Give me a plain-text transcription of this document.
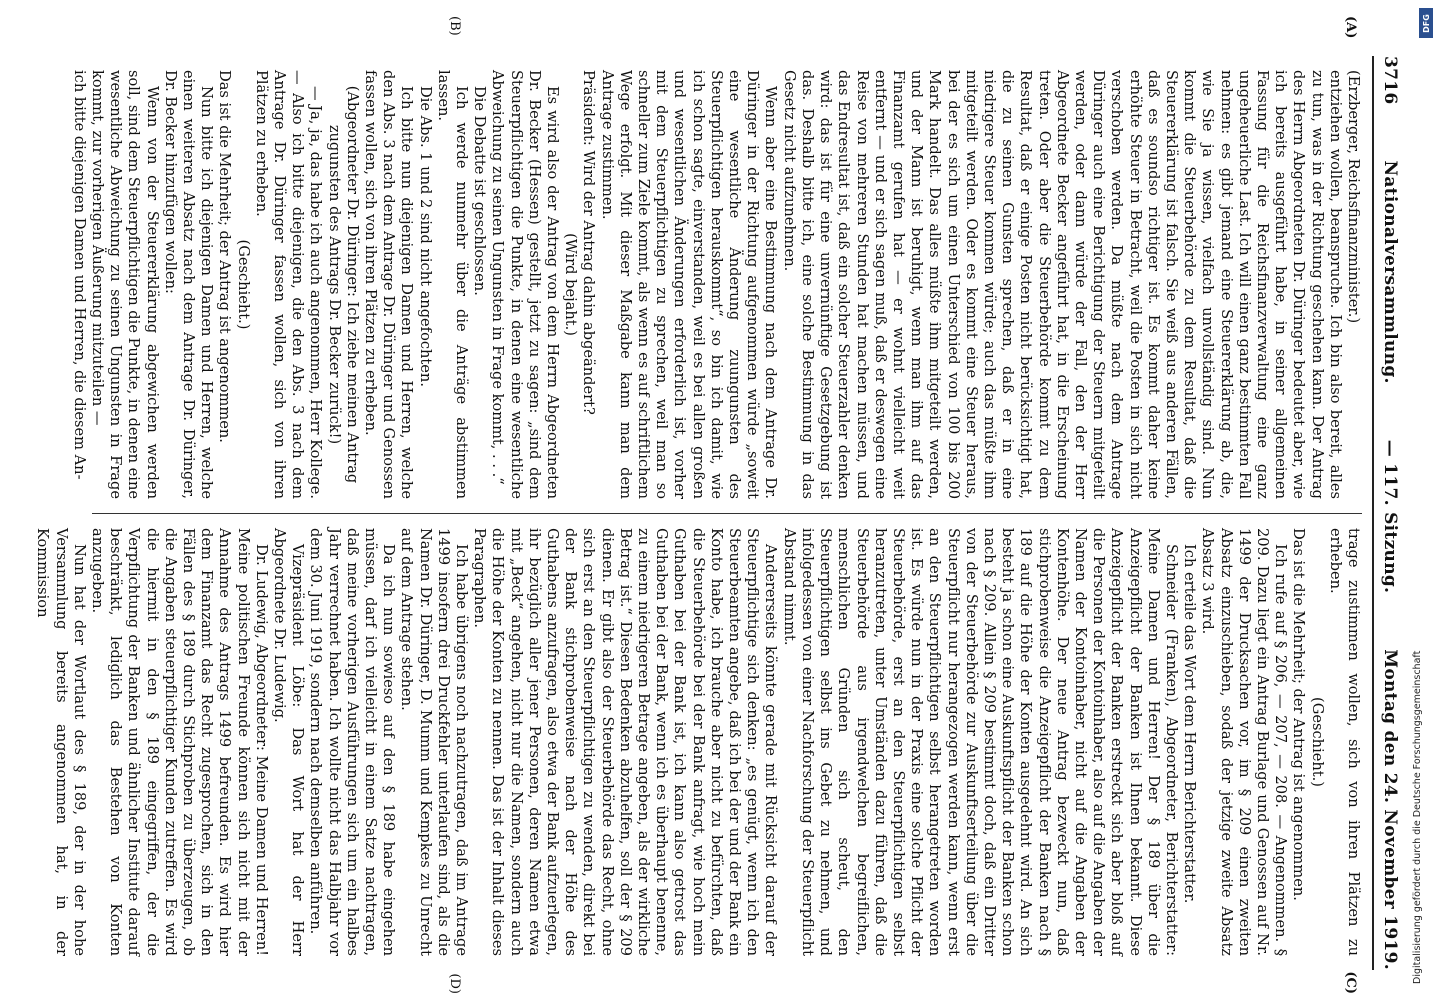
3716
Nationalversammlung.
— 117. Sitzung.
Montag den 24. November 1919.
(A)
(B)
(C)
(D)

(Erzberger, Reichsfinanzminister.)

entziehen wollen, beanspruche. Ich bin also bereit, alles zu tun, was in der Richtung geschehen kann. Der Antrag des Herrn Abgeordneten Dr. Düringer bedeutet aber, wie ich bereits ausgeführt habe, in seiner allgemeinen Fassung für die Reichsfinanzverwaltung eine ganz ungeheuerliche Last. Ich will einen ganz bestimmten Fall nehmen: es gibt jemand eine Steuererklärung ab, die, wie Sie ja wissen, vielfach unvollständig sind. Nun kommt die Steuerbehörde zu dem Resultat, daß die Steuererklärung ist falsch. Sie weiß aus anderen Fällen, daß es soundso richtiger ist. Es kommt daher keine erhöhte Steuer in Betracht, weil die Posten in sich nicht verschoben werden. Da müßte nach dem Antrage Düringer auch eine Berichtigung der Steuern mitgeteilt werden, oder dann würde der Fall, den der Herr Abgeordnete Becker angeführt hat, in die Erscheinung treten. Oder aber die Steuerbehörde kommt zu dem Resultat, daß er einige Posten nicht berücksichtigt hat, die zu seinen Gunsten sprechen, daß er in eine niedrigere Steuer kommen würde; auch das müßte ihm mitgeteilt werden. Oder es kommt eine Steuer heraus, bei der es sich um einen Unterschied von 100 bis 200 Mark handelt. Das alles müßte ihm mitgeteilt werden, und der Mann ist beruhigt, wenn man ihm auf das Finanzamt gerufen hat — er wohnt vielleicht weit entfernt — und er sich sagen muß, daß er deswegen eine Reise von mehreren Stunden hat machen müssen, und das Endresultat ist, daß ein solcher Steuerzahler denken wird: das ist für eine unvernünftige Gesetzgebung ist das. Deshalb bitte ich, eine solche Bestimmung in das Gesetz nicht aufzunehmen.

Wenn aber eine Bestimmung nach dem Antrage Dr. Düringer in der Richtung aufgenommen würde „soweit eine wesentliche Änderung zuungunsten des Steuerpflichtigen herauskommt“, so bin ich damit, wie ich schon sagte, einverstanden, weil es bei allen großen und wesentlichen Änderungen erforderlich ist, vorher mit dem Steuerpflichtigen zu sprechen, weil man so schneller zum Ziele kommt, als wenn es auf schriftlichem Wege erfolgt. Mit dieser Maßgabe kann man dem Antrage zustimmen.

Präsident: Wird der Antrag dahin abgeändert?

(Wird bejaht.)

Es wird also der Antrag von dem Herrn Abgeordneten Dr. Becker (Hessen) gestellt, jetzt zu sagen: „sind dem Steuerpflichtigen die Punkte, in denen eine wesentliche Abweichung zu seinen Ungunsten in Frage kommt, . . .“

Die Debatte ist geschlossen.

Ich werde nunmehr über die Anträge abstimmen lassen.

Die Abs. 1 und 2 sind nicht angefochten.

Ich bitte nun diejenigen Damen und Herren, welche den Abs. 3 nach dem Antrage Dr. Düringer und Genossen fassen wollen, sich von ihren Plätzen zu erheben.

(Abgeordneter Dr. Düringer: Ich ziehe meinen Antrag zugunsten des Antrags Dr. Becker zurück!)

— Ja, ja, das habe ich auch angenommen, Herr Kollege. — Also ich bitte diejenigen, die den Abs. 3 nach dem Antrage Dr. Düringer fassen wollen, sich von ihren Plätzen zu erheben.

(Geschieht.)

Das ist die Mehrheit; der Antrag ist angenommen.

Nun bitte ich diejenigen Damen und Herren, welche einen weiteren Absatz nach dem Antrage Dr. Düringer, Dr. Becker hinzufügen wollen:

Wenn von der Steuererklärung abgewichen werden soll, sind dem Steuerpflichtigen die Punkte, in denen eine wesentliche Abweichung zu seinen Ungunsten in Frage kommt, zur vorherigen Äußerung mitzuteilen —

ich bitte diejenigen Damen und Herren, die diesem An-

trage zustimmen wollen, sich von ihren Plätzen zu erheben.

(Geschieht.)

Das ist die Mehrheit; der Antrag ist angenommen.

Ich rufe auf § 206, — 207, — 208. — Angenommen. § 209. Dazu liegt ein Antrag Burlage und Genossen auf Nr. 1499 der Drucksachen vor, im § 209 einen zweiten Absatz einzuschieben, sodaß der jetzige zweite Absatz Absatz 3 wird.

Ich erteile das Wort dem Herrn Berichterstatter.

Schneider (Franken), Abgeordneter, Berichterstatter: Meine Damen und Herren! Der § 189 über die Anzeigepflicht der Banken ist Ihnen bekannt. Diese Anzeigepflicht der Banken erstreckt sich aber bloß auf die Personen der Kontoinhaber, also auf die Angaben der Namen der Kontoinhaber, nicht auf die Angaben der Kontenhöhe. Der neue Antrag bezweckt nun, daß stichprobenweise die Anzeigepflicht der Banken nach § 189 auf die Höhe der Konten ausgedehnt wird. An sich besteht ja schon eine Auskunftspflicht der Banken schon nach § 209. Allein § 209 bestimmt doch, daß ein Dritter von der Steuerbehörde zur Auskunftserteilung über die Steuerpflicht nur herangezogen werden kann, wenn erst an den Steuerpflichtigen selbst herangetreten worden ist. Es würde nun in der Praxis eine solche Pflicht der Steuerbehörde, erst an den Steuerpflichtigen selbst heranzutreten, unter Umständen dazu führen, daß die Steuerbehörde aus irgendwelchen begreiflichen, menschlichen Gründen sich scheut, den Steuerpflichtigen selbst ins Gebet zu nehmen, und infolgedessen von einer Nachforschung der Steuerpflicht Abstand nimmt.

Andererseits könnte gerade mit Rücksicht darauf der Steuerpflichtige sich denken: „es genügt, wenn ich den Steuerbeamten angebe, daß ich bei der und der Bank ein Konto habe, ich brauche aber nicht zu befürchten, daß die Steuerbehörde bei der Bank anfragt, wie hoch mein Guthaben bei der Bank ist, ich kann also getrost das Guthaben bei der Bank, wenn ich es überhaupt benenne, zu einem niedrigeren Betrage angeben, als der wirkliche Betrag ist.“ Diesen Bedenken abzuhelfen, soll der § 209 dienen. Er gibt also der Steuerbehörde das Recht, ohne sich erst an den Steuerpflichtigen zu wenden, direkt bei der Bank stichprobenweise nach der Höhe des Guthabens anzufragen, also etwa der Bank aufzuerlegen, ihr bezüglich aller jener Personen, deren Namen etwa mit „Beck“ angehen, nicht nur die Namen, sondern auch die Höhe der Konten zu nennen. Das ist der Inhalt dieses Paragraphen.

Ich habe übrigens noch nachzutragen, daß im Antrage 1499 insofern drei Druckfehler unterlaufen sind, als die Namen Dr. Düringer, D. Mumm und Kempkes zu Unrecht auf dem Antrage stehen.

Da ich nun sowieso auf den § 189 habe eingehen müssen, darf ich vielleicht in einem Satze nachtragen, daß meine vorherigen Ausführungen sich um ein halbes Jahr verrechnet haben. Ich wollte nicht das Halbjahr vor dem 30. Juni 1919, sondern nach demselben anführen.

Vizepräsident Löbe: Das Wort hat der Herr Abgeordnete Dr. Ludewig.

Dr. Ludewig, Abgeordneter: Meine Damen und Herren! Meine politischen Freunde können sich nicht mit der Annahme des Antrags 1499 befreunden. Es wird hier dem Finanzamt das Recht zugesprochen, sich in den Fällen des § 189 durch Stichproben zu überzeugen, ob die Angaben steuerpflichtiger Kunden zutreffen. Es wird die hiermit in den § 189 eingegriffen, der die Verpflichtung der Banken und ähnlicher Institute darauf beschränkt, lediglich das Bestehen von Konten anzugeben.

Nun hat der Wortlaut des § 189, der in der hohe Versammlung bereits angenommen hat, in der Kommission

Digitalisierung gefördert durch die Deutsche Forschungsgemeinschaft
DFG
